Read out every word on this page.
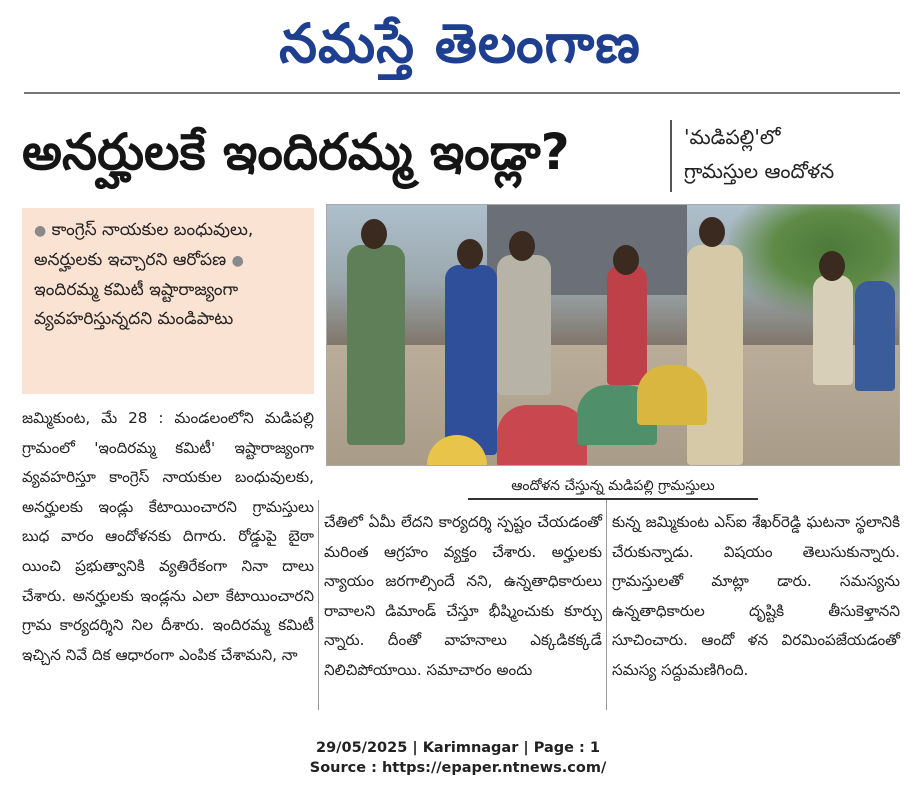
నమస్తే తెలంగాణ
అనర్హులకే ఇందిరమ్మ ఇండ్లా?	'మడిపల్లి'లో
గ్రామస్తుల ఆందోళన

● కాంగ్రెస్ నాయకుల బంధువులు, అనర్హులకు ఇచ్చారని ఆరోపణ ● ఇందిరమ్మ కమిటీ ఇష్టారాజ్యంగా వ్యవహరిస్తున్నదని మండిపాటు

ఆందోళన చేస్తున్న మడిపల్లి గ్రామస్తులు
జమ్మికుంట, మే 28 : మండలంలోని మడిపల్లి గ్రామంలో 'ఇందిరమ్మ కమిటీ' ఇష్టారాజ్యంగా వ్యవహరిస్తూ కాంగ్రెస్ నాయకుల బంధువులకు, అనర్హులకు ఇండ్లు కేటాయించారని గ్రామస్తులు బుధ వారం ఆందోళనకు దిగారు. రోడ్డుపై బైఠా యించి ప్రభుత్వానికి వ్యతిరేకంగా నినా దాలు చేశారు. అనర్హులకు ఇండ్లను ఎలా కేటాయించారని గ్రామ కార్యదర్శిని నిల దీశారు. ఇందిరమ్మ కమిటీ ఇచ్చిన నివే దిక ఆధారంగా ఎంపిక చేశామని, నా
చేతిలో ఏమీ లేదని కార్యదర్శి స్పష్టం చేయడంతో మరింత ఆగ్రహం వ్యక్తం చేశారు. అర్హులకు న్యాయం జరగాల్సిందే నని, ఉన్నతాధికారులు రావాలని డిమాండ్ చేస్తూ భీష్మించుకు కూర్చు న్నారు. దీంతో వాహనాలు ఎక్కడికక్కడే నిలిచిపోయాయి. సమాచారం అందు
కున్న జమ్మికుంట ఎస్ఐ శేఖర్‌రెడ్డి ఘటనా స్థలానికి చేరుకున్నాడు. విషయం తెలుసుకున్నారు. గ్రామస్తులతో మాట్లా డారు. సమస్యను ఉన్నతాధికారుల దృష్టికి తీసుకెళ్తానని సూచించారు. ఆందో ళన విరమింపజేయడంతో సమస్య సద్దుమణిగింది.
29/05/2025 | Karimnagar | Page : 1
Source : https://epaper.ntnews.com/
